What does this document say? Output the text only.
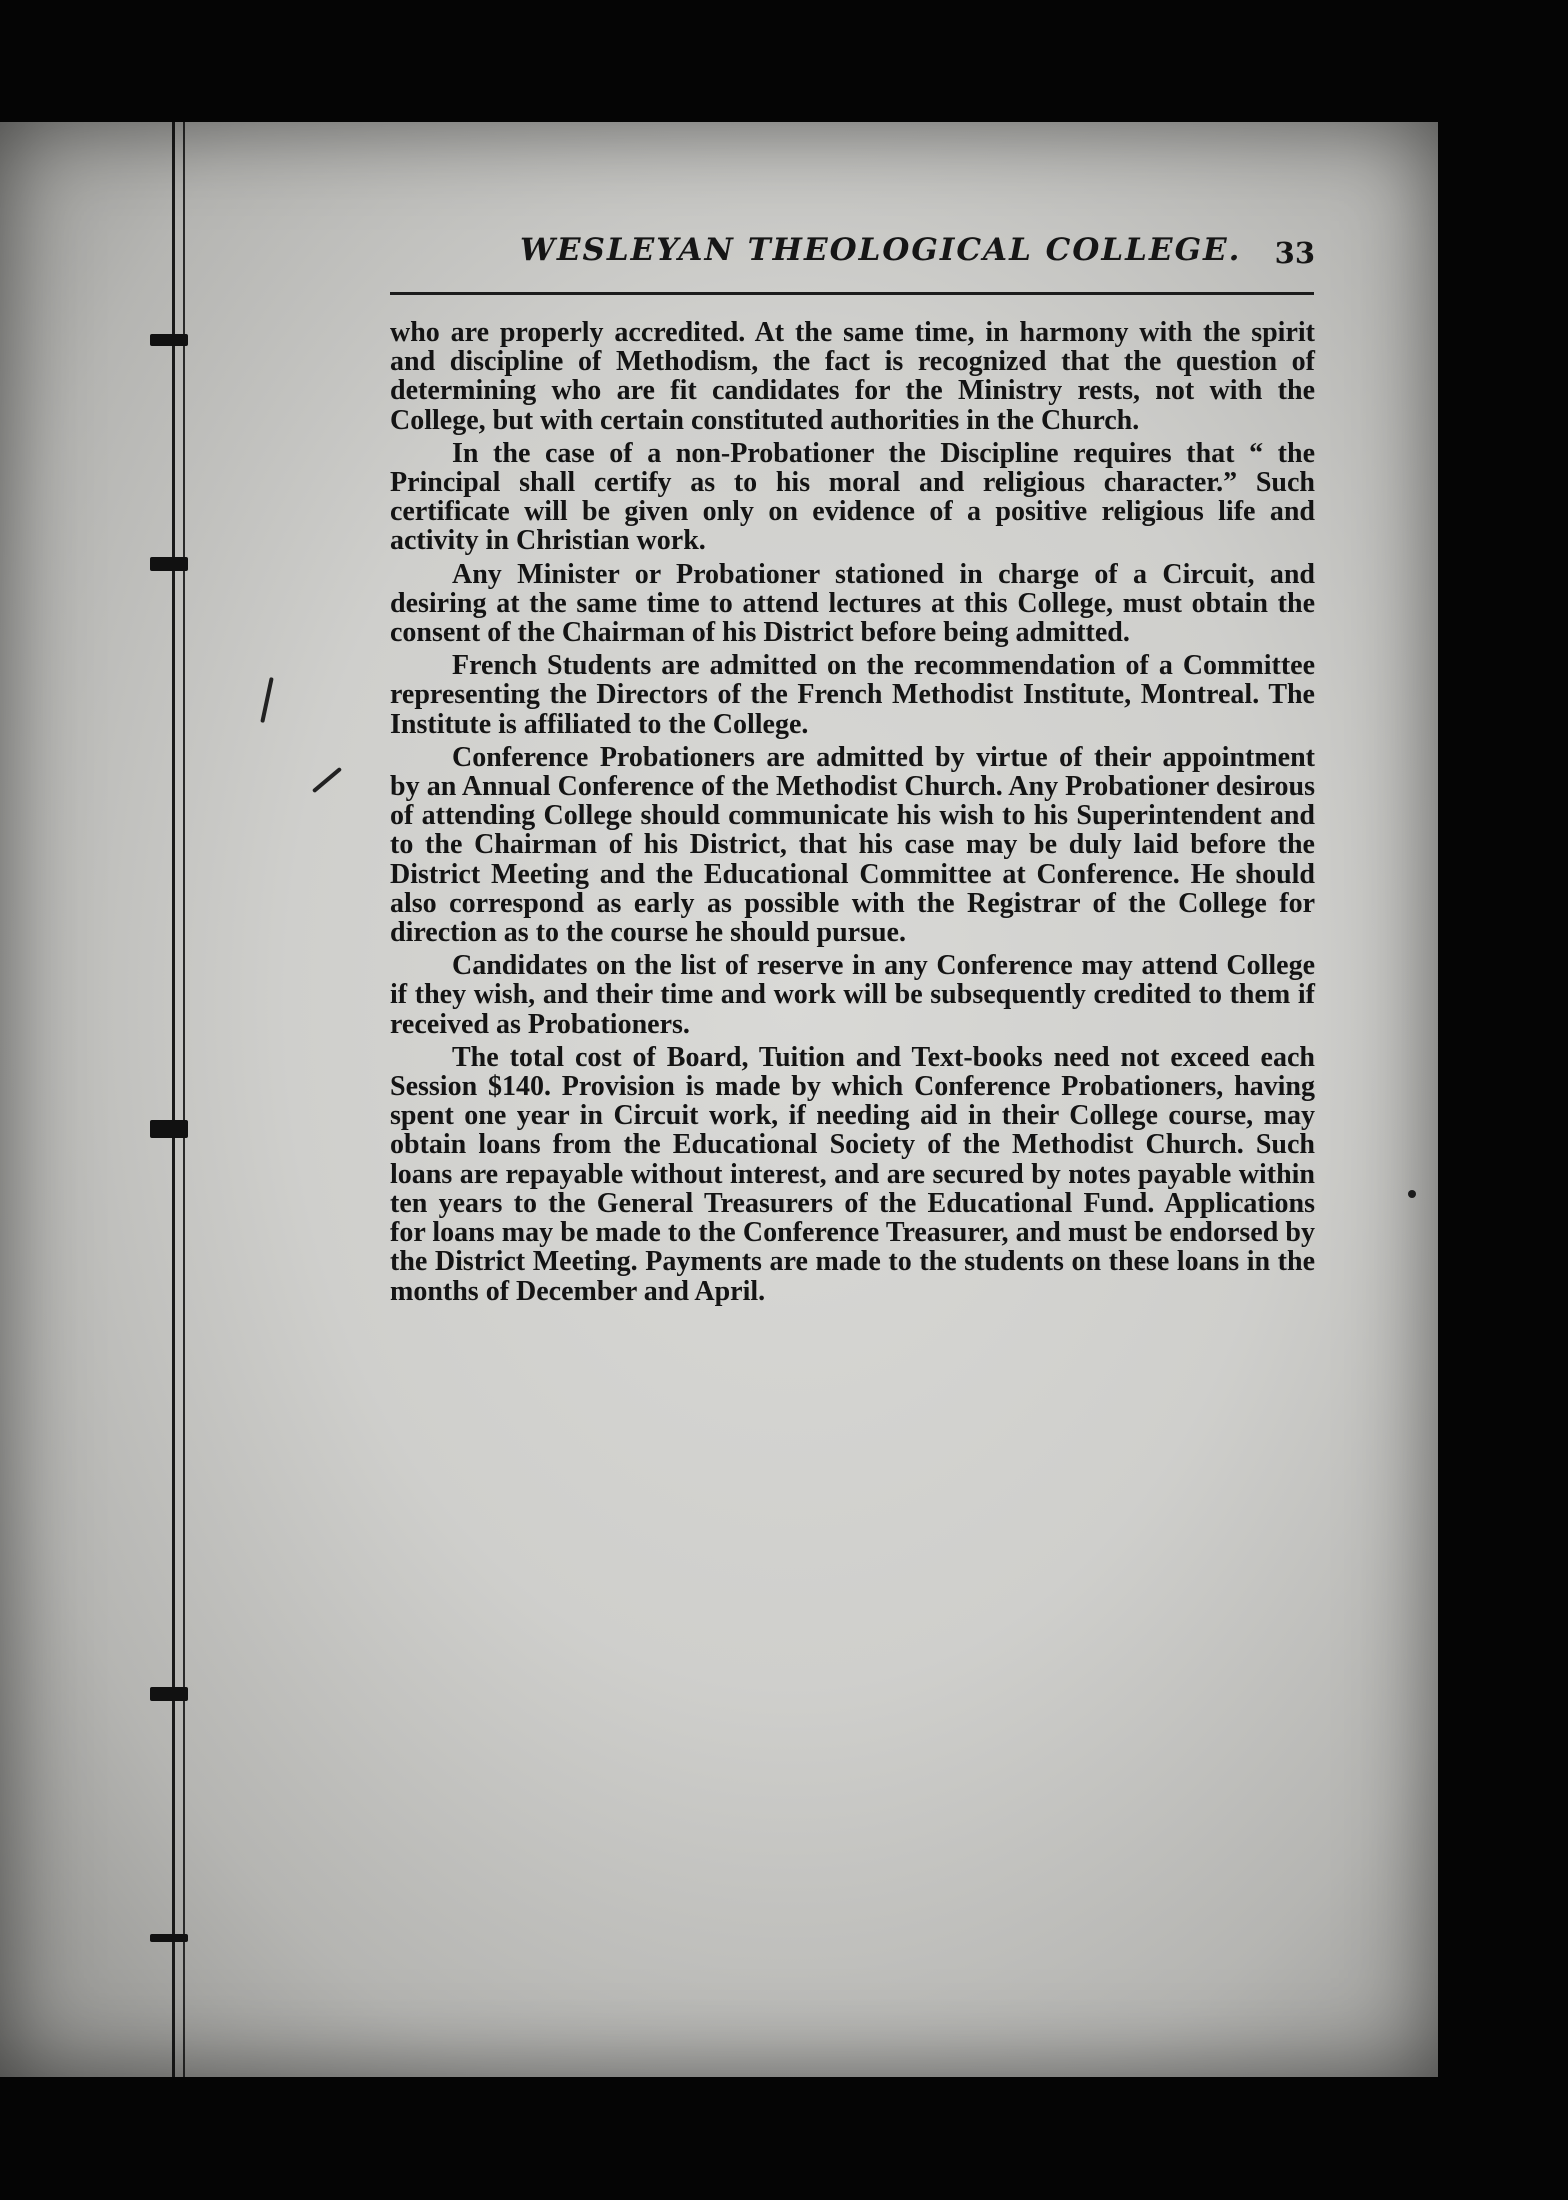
WESLEYAN THEOLOGICAL COLLEGE. 33

who are properly accredited. At the same time, in harmony with the spirit and discipline of Methodism, the fact is recognized that the question of determining who are fit candidates for the Ministry rests, not with the College, but with certain constituted authorities in the Church.

In the case of a non-Probationer the Discipline requires that “ the Principal shall certify as to his moral and religious character.” Such certificate will be given only on evidence of a positive religious life and activity in Christian work.

Any Minister or Probationer stationed in charge of a Circuit, and desiring at the same time to attend lectures at this College, must obtain the consent of the Chairman of his District before being admitted.

French Students are admitted on the recommendation of a Committee representing the Directors of the French Methodist Institute, Montreal. The Institute is affiliated to the College.

Conference Probationers are admitted by virtue of their appointment by an Annual Conference of the Methodist Church. Any Probationer desirous of attending College should communicate his wish to his Superintendent and to the Chairman of his District, that his case may be duly laid before the District Meeting and the Educational Committee at Conference. He should also correspond as early as possible with the Registrar of the College for direction as to the course he should pursue.

Candidates on the list of reserve in any Conference may attend College if they wish, and their time and work will be subsequently credited to them if received as Probationers.

The total cost of Board, Tuition and Text-books need not exceed each Session $140. Provision is made by which Conference Probationers, having spent one year in Circuit work, if needing aid in their College course, may obtain loans from the Educational Society of the Methodist Church. Such loans are repayable without interest, and are secured by notes payable within ten years to the General Treasurers of the Educational Fund. Applications for loans may be made to the Conference Treasurer, and must be endorsed by the District Meeting. Payments are made to the students on these loans in the months of December and April.
